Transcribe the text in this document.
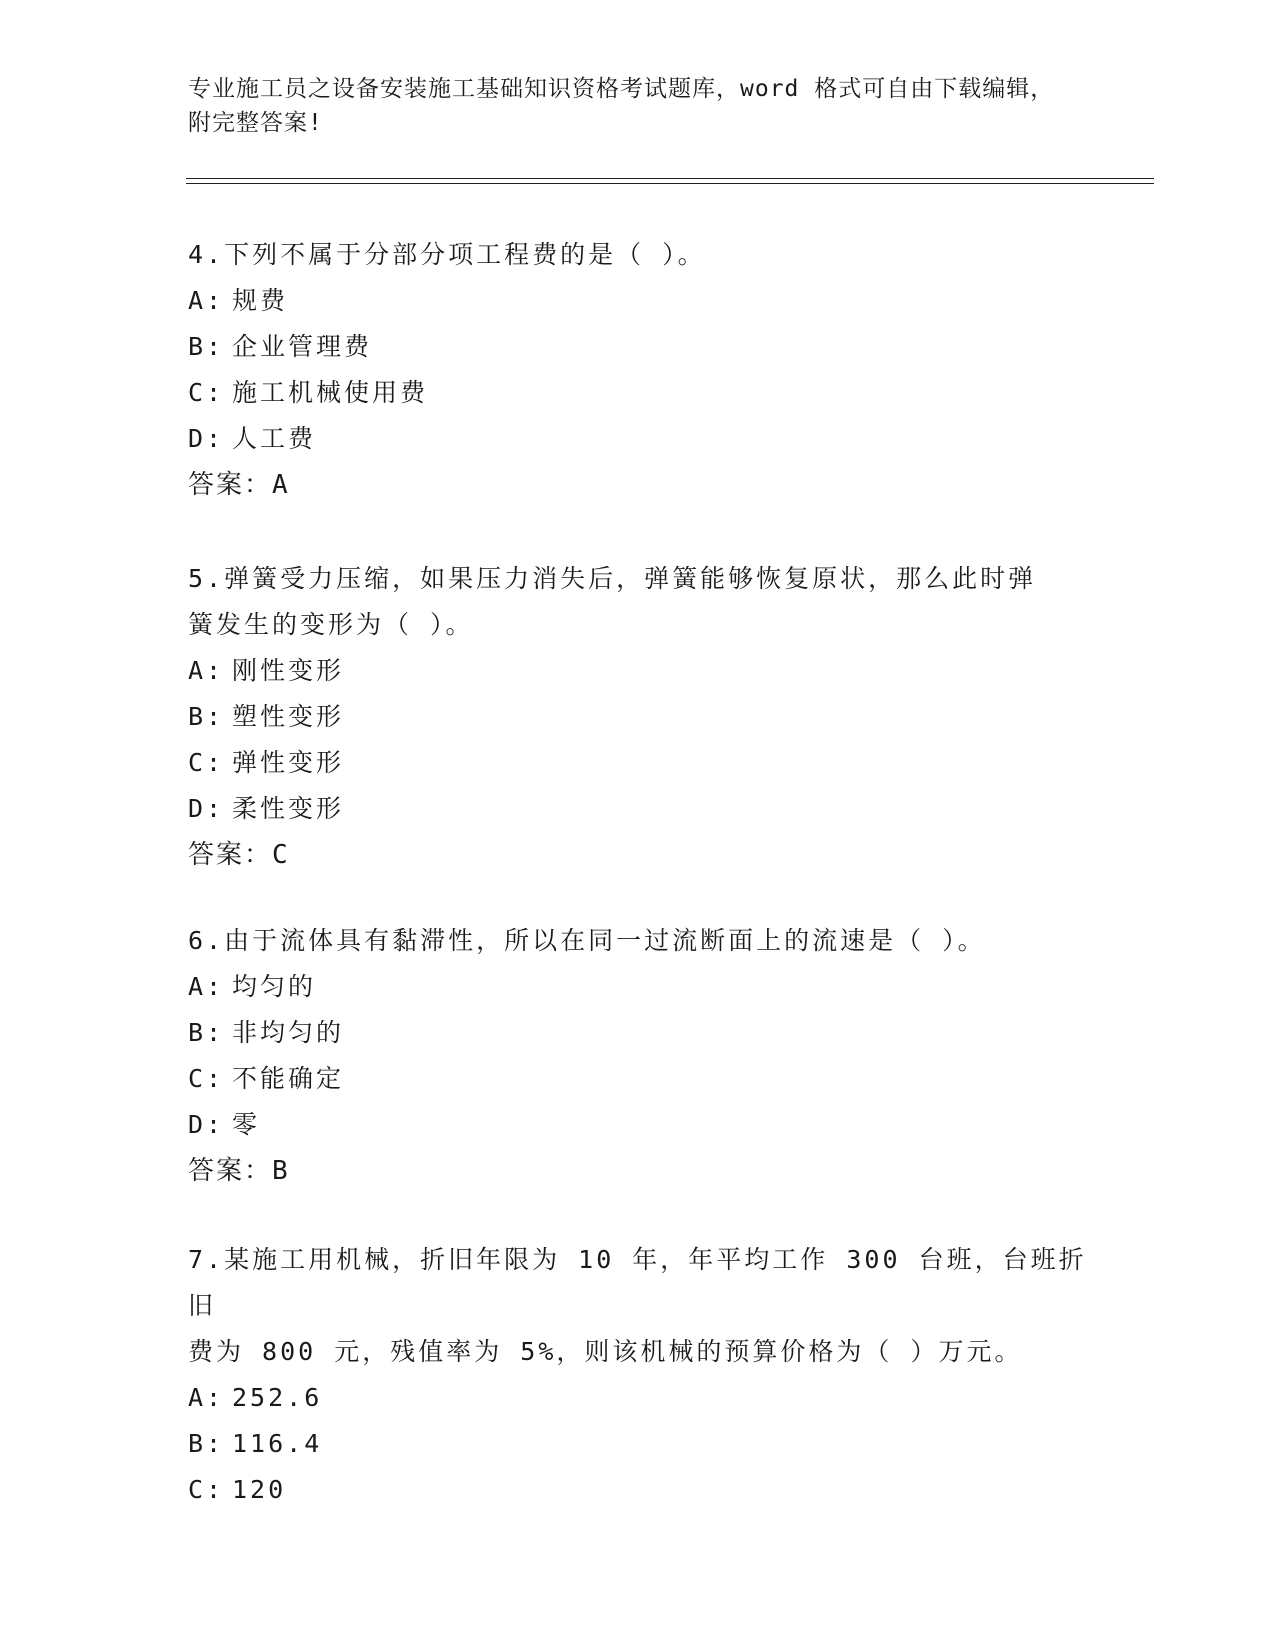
专业施工员之设备安装施工基础知识资格考试题库，word 格式可自由下载编辑，
附完整答案!

4.下列不属于分部分项工程费的是（ ）。

A: 规费

B: 企业管理费

C: 施工机械使用费

D: 人工费

答案：A

5.弹簧受力压缩，如果压力消失后，弹簧能够恢复原状，那么此时弹

簧发生的变形为（ ）。

A: 刚性变形

B: 塑性变形

C: 弹性变形

D: 柔性变形

答案：C

6.由于流体具有黏滞性，所以在同一过流断面上的流速是（ ）。

A: 均匀的

B: 非均匀的

C: 不能确定

D: 零

答案：B

7.某施工用机械，折旧年限为 10 年，年平均工作 300 台班，台班折旧

费为 800 元，残值率为 5%，则该机械的预算价格为（ ）万元。

A: 252.6

B: 116.4

C: 120
